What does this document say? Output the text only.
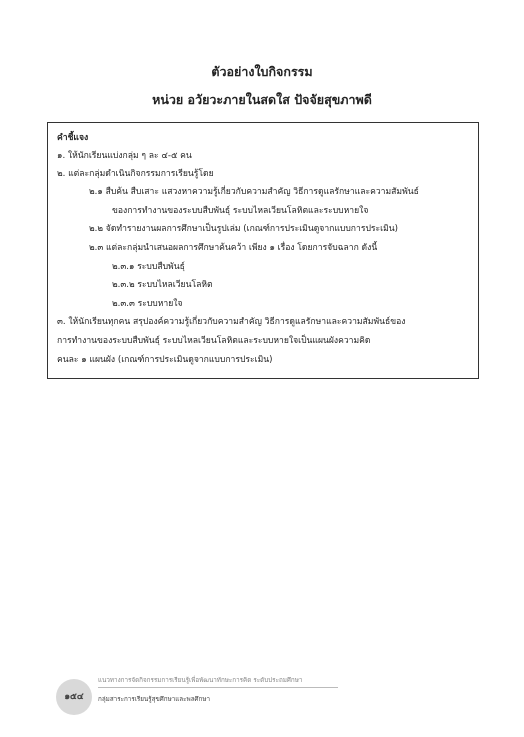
ตัวอย่างใบกิจกรรม
หน่วย อวัยวะภายในสดใส ปัจจัยสุขภาพดี
คำชี้แจง
๑. ให้นักเรียนแบ่งกลุ่ม ๆ ละ ๔-๕ คน
๒. แต่ละกลุ่มดำเนินกิจกรรมการเรียนรู้โดย
๒.๑ สืบค้น สืบเสาะ แสวงหาความรู้เกี่ยวกับความสำคัญ วิธีการดูแลรักษาและความสัมพันธ์
ของการทำงานของระบบสืบพันธุ์ ระบบไหลเวียนโลหิตและระบบหายใจ
๒.๒ จัดทำรายงานผลการศึกษาเป็นรูปเล่ม (เกณฑ์การประเมินดูจากแบบการประเมิน)
๒.๓ แต่ละกลุ่มนำเสนอผลการศึกษาค้นคว้า เพียง ๑ เรื่อง โดยการจับฉลาก ดังนี้
๒.๓.๑ ระบบสืบพันธุ์
๒.๓.๒ ระบบไหลเวียนโลหิต
๒.๓.๓ ระบบหายใจ
๓. ให้นักเรียนทุกคน สรุปองค์ความรู้เกี่ยวกับความสำคัญ วิธีการดูแลรักษาและความสัมพันธ์ของ
การทำงานของระบบสืบพันธุ์ ระบบไหลเวียนโลหิตและระบบหายใจเป็นแผนผังความคิด
คนละ ๑ แผนผัง (เกณฑ์การประเมินดูจากแบบการประเมิน)
๑๕๔
แนวทางการจัดกิจกรรมการเรียนรู้เพื่อพัฒนาทักษะการคิด ระดับประถมศึกษา
กลุ่มสาระการเรียนรู้สุขศึกษาและพลศึกษา
